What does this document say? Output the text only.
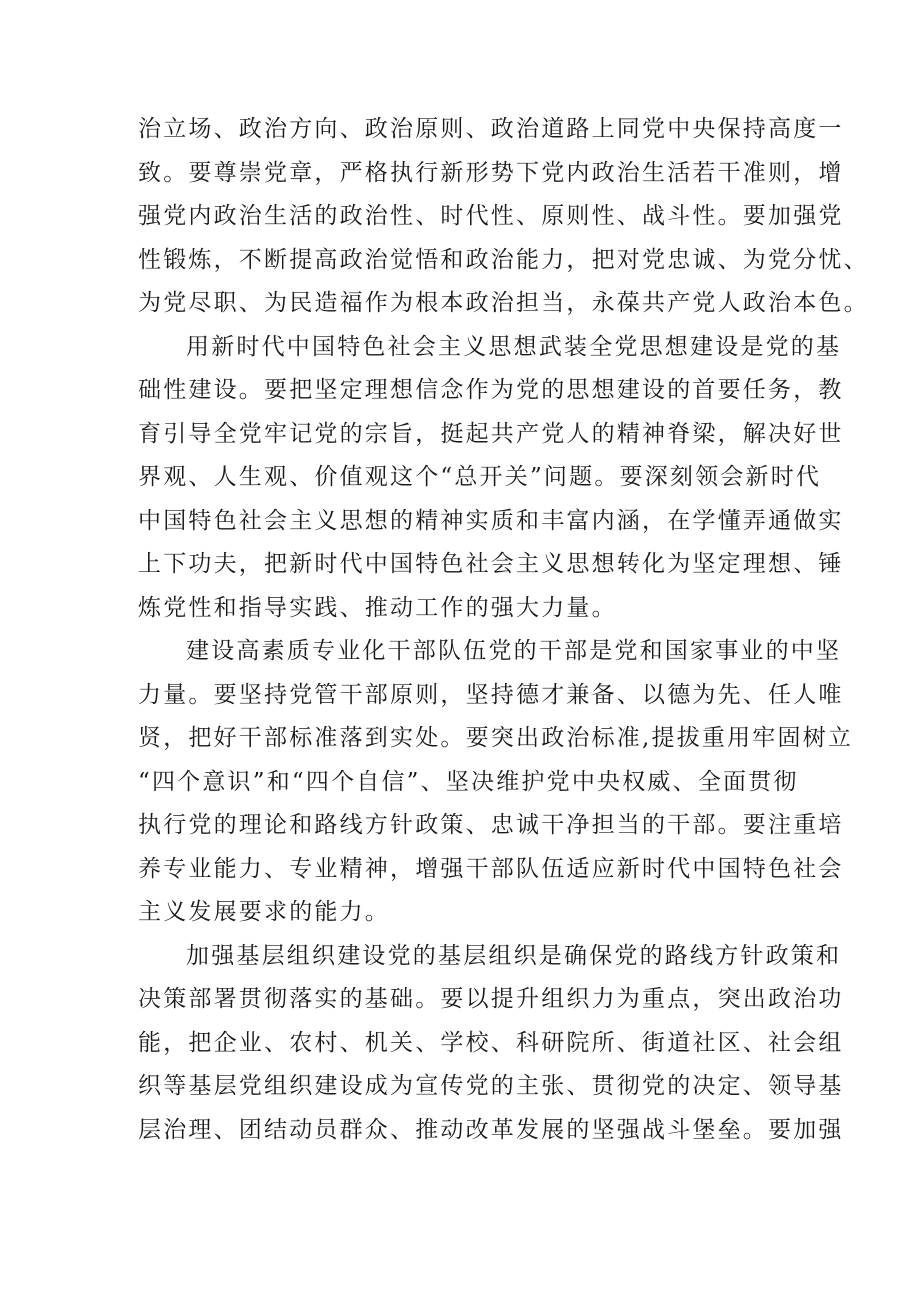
治立场、政治方向、政治原则、政治道路上同党中央保持高度一
致。要尊崇党章，严格执行新形势下党内政治生活若干准则，增
强党内政治生活的政治性、时代性、原则性、战斗性。要加强党
性锻炼，不断提高政治觉悟和政治能力，把对党忠诚、为党分忧、
为党尽职、为民造福作为根本政治担当，永葆共产党人政治本色。

用新时代中国特色社会主义思想武装全党思想建设是党的基
础性建设。要把坚定理想信念作为党的思想建设的首要任务，教
育引导全党牢记党的宗旨，挺起共产党人的精神脊梁，解决好世
界观、人生观、价值观这个“总开关”问题。要深刻领会新时代
中国特色社会主义思想的精神实质和丰富内涵，在学懂弄通做实
上下功夫，把新时代中国特色社会主义思想转化为坚定理想、锤
炼党性和指导实践、推动工作的强大力量。

建设高素质专业化干部队伍党的干部是党和国家事业的中坚
力量。要坚持党管干部原则，坚持德才兼备、以德为先、任人唯
贤，把好干部标准落到实处。要突出政治标准,提拔重用牢固树立
“四个意识”和“四个自信”、坚决维护党中央权威、全面贯彻
执行党的理论和路线方针政策、忠诚干净担当的干部。要注重培
养专业能力、专业精神，增强干部队伍适应新时代中国特色社会
主义发展要求的能力。

加强基层组织建设党的基层组织是确保党的路线方针政策和
决策部署贯彻落实的基础。要以提升组织力为重点，突出政治功
能，把企业、农村、机关、学校、科研院所、街道社区、社会组
织等基层党组织建设成为宣传党的主张、贯彻党的决定、领导基
层治理、团结动员群众、推动改革发展的坚强战斗堡垒。要加强
